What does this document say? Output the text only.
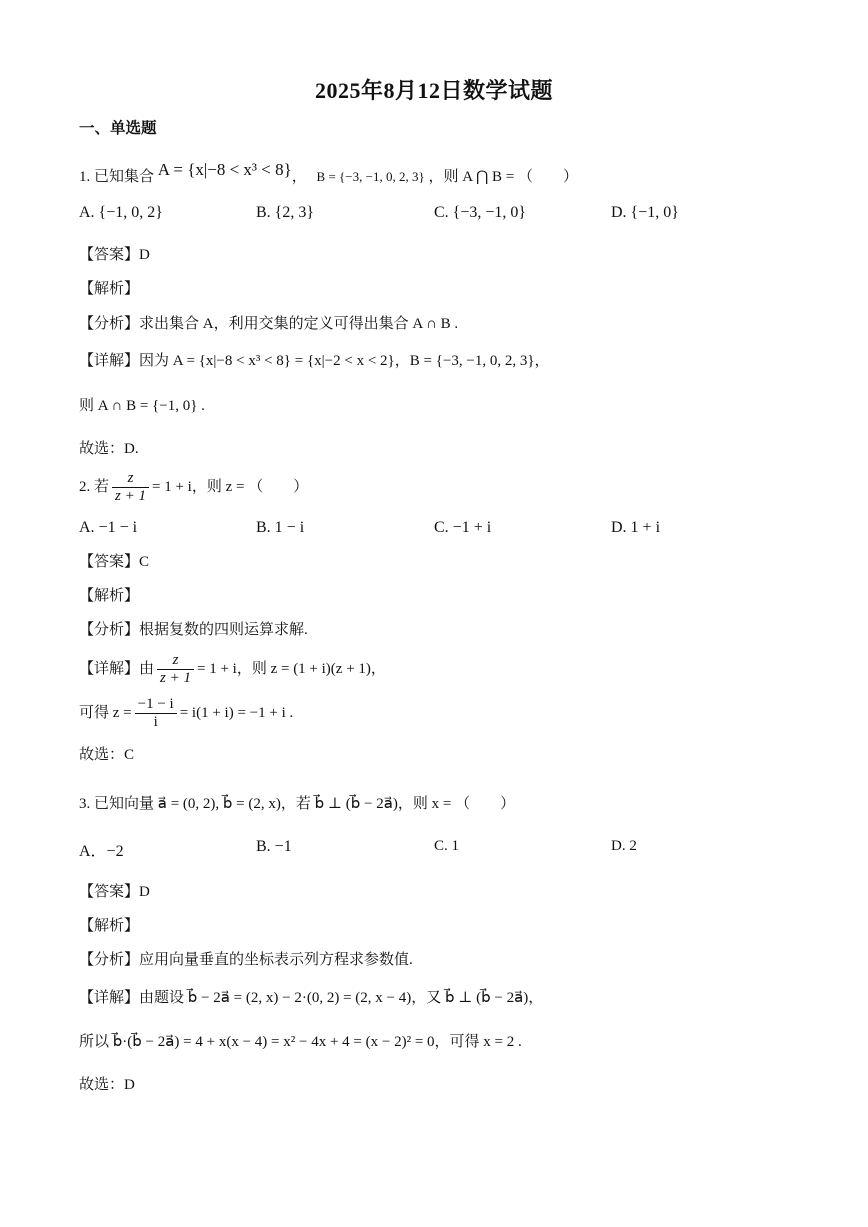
2025年8月12日数学试题
一、单选题
1. 已知集合 A = {x|−8 < x³ < 8}， B = {−3, −1, 0, 2, 3} ，则 A ⋂ B = （　　）
A. {−1, 0, 2}	B. {2, 3}	C. {−3, −1, 0}	D. {−1, 0}
【答案】D
【解析】
【分析】求出集合 A，利用交集的定义可得出集合 A ∩ B .
【详解】因为 A = {x|−8 < x³ < 8} = {x|−2 < x < 2}，B = {−3, −1, 0, 2, 3}，
则 A ∩ B = {−1, 0} .
故选：D.
2. 若 $\frac{z}{z + 1} = 1 + i$，则 z = （　　）
A. −1 − i	B. 1 − i	C. −1 + i	D. 1 + i
【答案】C
【解析】
【分析】根据复数的四则运算求解.
【详解】由 $\frac{z}{z + 1} = 1 + i$，则 z = (1 + i)(z + 1)，
可得 $z = \frac{-1 - i}{i} = i(1 + i) = -1 + i$ .
故选：C
3. 已知向量 a⃗ = (0, 2), b⃗ = (2, x)，若 b⃗ ⊥ (b⃗ − 2a⃗)，则 x = （　　）
A．−2	B. −1	C. 1	D. 2
【答案】D
【解析】
【分析】应用向量垂直的坐标表示列方程求参数值.
【详解】由题设 b⃗ − 2a⃗ = (2, x) − 2·(0, 2) = (2, x − 4)，又 b⃗ ⊥ (b⃗ − 2a⃗)，
所以 b⃗·(b⃗ − 2a⃗) = 4 + x(x − 4) = x² − 4x + 4 = (x − 2)² = 0，可得 x = 2 .
故选：D
